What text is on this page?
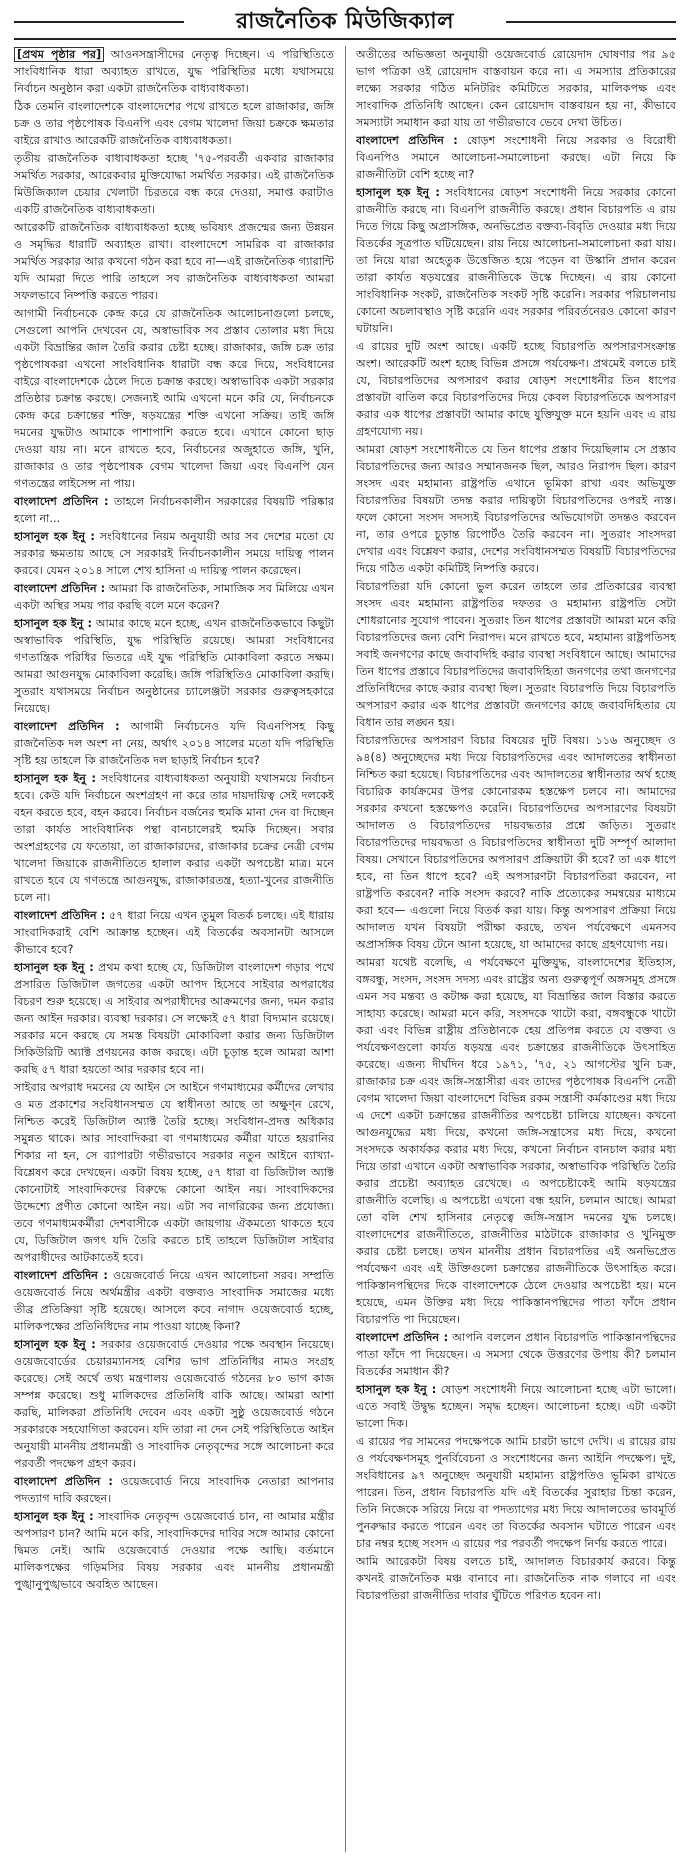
রাজনৈতিক মিউজিক্যাল

[প্রথম পৃষ্ঠার পর] আওনসন্ত্রাসীদের নেতৃত্ব দিচ্ছেন। এ পরিস্থিতিতে সাংবিধানিক ধারা অব্যাহত রাখতে, যুদ্ধ পরিস্থিতির মধ্যে যথাসময়ে নির্বাচন অনুষ্ঠান করা একটা রাজনৈতিক বাধ্যবাধকতা।

ঠিক তেমনি বাংলাদেশকে বাংলাদেশের পথে রাখতে হলে রাজাকার, জঙ্গি চক্র ও তার পৃষ্ঠপোষক বিএনপি এবং বেগম খালেদা জিয়া চক্রকে ক্ষমতার বাইরে রাখাও আরেকটি রাজনৈতিক বাধ্যবাধকতা।

তৃতীয় রাজনৈতিক বাধ্যবাধকতা হচ্ছে '৭৫-পরবর্তী একবার রাজাকার সমর্থিত সরকার, আরেকবার মুক্তিযোদ্ধা সমর্থিত সরকার। এই রাজনৈতিক মিউজিক্যাল চেয়ার খেলাটা চিরতরে বন্ধ করে দেওয়া, সমাপ্ত করাটাও একটি রাজনৈতিক বাধ্যবাধকতা।

আরেকটি রাজনৈতিক বাধ্যবাধকতা হচ্ছে ভবিষ্যৎ প্রজন্মের জন্য উন্নয়ন ও সমৃদ্ধির ধারাটি অব্যাহত রাখা। বাংলাদেশে সামরিক বা রাজাকার সমর্থিত সরকার আর কখনো গঠন করা হবে না—এই রাজনৈতিক গ্যারান্টি যদি আমরা দিতে পারি তাহলে সব রাজনৈতিক বাধ্যবাধকতা আমরা সফলভাবে নিষ্পত্তি করতে পারব।

আগামী নির্বাচনকে কেন্দ্র করে যে রাজনৈতিক আলোচনাগুলো চলছে, সেগুলো আপনি দেখবেন যে, অস্বাভাবিক সব প্রস্তাব তোলার মধ্য দিয়ে একটা বিভ্রান্তির জাল তৈরি করার চেষ্টা হচ্ছে। রাজাকার, জঙ্গি চক্র তার পৃষ্ঠপোষকরা এখনো সাংবিধানিক ধারাটা বন্ধ করে দিয়ে, সংবিধানের বাইরে বাংলাদেশকে ঠেলে দিতে চক্রান্ত করছে। অস্বাভাবিক একটা সরকার প্রতিষ্ঠার চক্রান্ত করছে। সেজন্যই আমি এখনো মনে করি যে, নির্বাচনকে কেন্দ্র করে চক্রান্তের শক্তি, ষড়যন্ত্রের শক্তি এখনো সক্রিয়। তাই জঙ্গি দমনের যুদ্ধটাও আমাকে পাশাপাশি করতে হবে। এখানে কোনো ছাড় দেওয়া যায় না। মনে রাখতে হবে, নির্বাচনের অজুহাতে জঙ্গি, খুনি, রাজাকার ও তার পৃষ্ঠপোষক বেগম খালেদা জিয়া এবং বিএনপি যেন গণতন্ত্রের লাইসেন্স না পায়।

বাংলাদেশ প্রতিদিন : তাহলে নির্বাচনকালীন সরকারের বিষয়টি পরিষ্কার হলো না...

হাসানুল হক ইনু : সংবিধানের নিয়ম অনুযায়ী আর সব দেশের মতো যে সরকার ক্ষমতায় আছে সে সরকারই নির্বাচনকালীন সময়ে দায়িত্ব পালন করবে। যেমন ২০১৪ সালে শেখ হাসিনা এ দায়িত্ব পালন করেছেন।

বাংলাদেশ প্রতিদিন : আমরা কি রাজনৈতিক, সামাজিক সব মিলিয়ে এখন একটা অস্থির সময় পার করছি বলে মনে করেন?

হাসানুল হক ইনু : আমার কাছে মনে হচ্ছে, এখন রাজনৈতিকভাবে কিছুটা অস্বাভাবিক পরিস্থিতি, যুদ্ধ পরিস্থিতি রয়েছে। আমরা সংবিধানের গণতান্ত্রিক পরিধির ভিতরে এই যুদ্ধ পরিস্থিতি মোকাবিলা করতে সক্ষম। আমরা আগুনযুদ্ধ মোকাবিলা করেছি। জঙ্গি পরিস্থিতিও মোকাবিলা করছি। সুতরাং যথাসময়ে নির্বাচন অনুষ্ঠানের চ্যালেঞ্জটা সরকার গুরুত্বসহকারে নিয়েছে।

বাংলাদেশ প্রতিদিন : আগামী নির্বাচনেও যদি বিএনপিসহ কিছু রাজনৈতিক দল অংশ না নেয়, অর্থাৎ ২০১৪ সালের মতো যদি পরিস্থিতি সৃষ্টি হয় তাহলে কি রাজনৈতিক দল ছাড়াই নির্বাচন হবে?

হাসানুল হক ইনু : সংবিধানের বাধ্যবাধকতা অনুযায়ী যথাসময়ে নির্বাচন হবে। কেউ যদি নির্বাচনে অংশগ্রহণ না করে তার দায়দায়িত্ব সেই দলকেই বহন করতে হবে, বহন করবে। নির্বাচন বর্জনের হুমকি মানা দেন বা দিচ্ছেন তারা কার্যত সাংবিধানিক পন্থা বানচালেরই হুমকি দিচ্ছেন। সবার অংশগ্রহণের যে ফতোয়া, তা রাজাকারদের, রাজাকার চক্রের নেত্রী বেগম খালেদা জিয়াকে রাজনীতিতে হালাল করার একটা অপচেষ্টা মাত্র। মনে রাখতে হবে যে গণতন্ত্রে আগুনযুদ্ধ, রাজাকারতন্ত্র, হত্যা-খুনের রাজনীতি চলে না।

বাংলাদেশ প্রতিদিন : ৫৭ ধারা নিয়ে এখন তুমুল বিতর্ক চলছে। এই ধারায় সাংবাদিকরাই বেশি আক্রান্ত হচ্ছেন। এই বিতর্কের অবসানটা আসলে কীভাবে হবে?

হাসানুল হক ইনু : প্রথম কথা হচ্ছে যে, ডিজিটাল বাংলাদেশ গড়ার পথে প্রসারিত ডিজিটাল জগতের একটা আপদ হিসেবে সাইবার অপরাধের বিচরণ শুরু হয়েছে। এ সাইবার অপরাধীদের আক্রমণের জন্য, দমন করার জন্য আইন দরকার। ব্যবস্থা দরকার। সে লক্ষ্যেই ৫৭ ধারা বিদ্যমান রয়েছে। সরকার মনে করছে যে সমস্ত বিষয়টা মোকাবিলা করার জন্য ডিজিটাল সিকিউরিটি অ্যাক্ট প্রণয়নের কাজ করছে। এটা চূড়ান্ত হলে আমরা আশা করছি ৫৭ ধারা হয়তো আর দরকার হবে না।

সাইবার অপরাধ দমনের যে আইন সে আইনে গণমাধ্যমের কর্মীদের লেখার ও মত প্রকাশের সংবিধানসম্মত যে স্বাধীনতা আছে তা অক্ষুণ্ন রেখে, নিশ্চিত করেই ডিজিটাল অ্যাক্ট তৈরি হচ্ছে। সংবিধান-প্রদত্ত অধিকার সমুন্নত থাকে। আর সাংবাদিকরা বা গণমাধ্যমের কর্মীরা যাতে হয়রানির শিকার না হন, সে ব্যাপারটা গভীরভাবে সরকার নতুন আইনে ব্যাখ্যা-বিশ্লেষণ করে দেখছেন। একটা বিষয় হচ্ছে, ৫৭ ধারা বা ডিজিটাল অ্যাক্ট কোনোটাই সাংবাদিকদের বিরুদ্ধে কোনো আইন নয়। সাংবাদিকদের উদ্দেশ্যে প্রণীত কোনো আইন নয়। এটা সব নাগরিকের জন্য প্রযোজ্য। তবে গণমাধ্যমকর্মীরা দেশবাসীকে একটা জায়গায় ঐকমত্যে থাকতে হবে যে, ডিজিটাল জগৎ যদি তৈরি করতে চাই তাহলে ডিজিটাল সাইবার অপরাধীদের আটকাতেই হবে।

বাংলাদেশ প্রতিদিন : ওয়েজবোর্ড নিয়ে এখন আলোচনা সরব। সম্প্রতি ওয়েজবোর্ড নিয়ে অর্থমন্ত্রীর একটা বক্তব্যও সাংবাদিক সমাজের মধ্যে তীব্র প্রতিক্রিয়া সৃষ্টি হয়েছে। আসলে কবে নাগাদ ওয়েজবোর্ড হচ্ছে, মালিকপক্ষের প্রতিনিধিদের নাম পাওয়া যাচ্ছে কিনা?

হাসানুল হক ইনু : সরকার ওয়েজবোর্ড দেওয়ার পক্ষে অবস্থান নিয়েছে। ওয়েজবোর্ডের চেয়ারম্যানসহ বেশির ভাগ প্রতিনিধির নামও সংগ্রহ করেছে। সেই অর্থে তথ্য মন্ত্রণালয় ওয়েজবোর্ড গঠনের ৮০ ভাগ কাজ সম্পন্ন করেছে। শুধু মালিকদের প্রতিনিধি বাকি আছে। আমরা আশা করছি, মালিকরা প্রতিনিধি দেবেন এবং একটা সুষ্ঠু ওয়েজবোর্ড গঠনে সরকারকে সহযোগিতা করবেন। যদি তারা না দেন সেই পরিস্থিতিতে আইন অনুযায়ী মাননীয় প্রধানমন্ত্রী ও সাংবাদিক নেতৃবৃন্দের সঙ্গে আলোচনা করে পরবর্তী পদক্ষেপ গ্রহণ করব।

বাংলাদেশ প্রতিদিন : ওয়েজবোর্ড নিয়ে সাংবাদিক নেতারা আপনার পদত্যাগ দাবি করছেন।

হাসানুল হক ইনু : সাংবাদিক নেতৃবৃন্দ ওয়েজবোর্ড চান, না আমার মন্ত্রীর অপসারণ চান? আমি মনে করি, সাংবাদিকদের দাবির সঙ্গে আমার কোনো দ্বিমত নেই। আমি ওয়েজবোর্ড দেওয়ার পক্ষে আছি। বর্তমানে মালিকপক্ষের গড়িমসির বিষয় সরকার এবং মাননীয় প্রধানমন্ত্রী পুঙ্খানুপুঙ্খভাবে অবহিত আছেন।

অতীতের অভিজ্ঞতা অনুযায়ী ওয়েজবোর্ড রোয়েদাদ ঘোষণার পর ৯৫ ভাগ পত্রিকা ওই রোয়েদাদ বাস্তবায়ন করে না। এ সমস্যার প্রতিকারের লক্ষ্যে সরকার গঠিত মনিটরিং কমিটিতে সরকার, মালিকপক্ষ এবং সাংবাদিক প্রতিনিধি আছেন। কেন রোয়েদাদ বাস্তবায়ন হয় না, কীভাবে সমস্যাটা সমাধান করা যায় তা গভীরভাবে ভেবে দেখা উচিত।

বাংলাদেশ প্রতিদিন : ষোড়শ সংশোধনী নিয়ে সরকার ও বিরোধী বিএনপিও সমানে আলোচনা-সমালোচনা করছে। এটা নিয়ে কি রাজনীতিটা বেশি হচ্ছে না?

হাসানুল হক ইনু : সংবিধানের ষোড়শ সংশোধনী নিয়ে সরকার কোনো রাজনীতি করছে না। বিএনপি রাজনীতি করছে। প্রধান বিচারপতি এ রায় দিতে গিয়ে কিছু অপ্রাসঙ্গিক, অনভিপ্রেত বক্তব্য-বিবৃতি দেওয়ার মধ্য দিয়ে বিতর্কের সূত্রপাত ঘটিয়েছেন। রায় নিয়ে আলোচনা-সমালোচনা করা যায়। তা নিয়ে যারা অহেতুক উত্তেজিত হয়ে পড়েন বা উস্কানি প্রদান করেন তারা কার্যত ষড়যন্ত্রের রাজনীতিকে উস্কে দিচ্ছেন। এ রায় কোনো সাংবিধানিক সংকট, রাজনৈতিক সংকট সৃষ্টি করেনি। সরকার পরিচালনায় কোনো অচলাবস্থাও সৃষ্টি করেনি এবং সরকার পরিবর্তনেরও কোনো কারণ ঘটায়নি।

এ রায়ের দুটি অংশ আছে। একটি হচ্ছে বিচারপতি অপসারণসংক্রান্ত অংশ। আরেকটি অংশ হচ্ছে বিভিন্ন প্রসঙ্গে পর্যবেক্ষণ। প্রথমেই বলতে চাই যে, বিচারপতিদের অপসারণ করার ষোড়শ সংশোধনীর তিন ধাপের প্রস্তাবটা বাতিল করে বিচারপতিদের দিয়ে কেবল বিচারপতিকে অপসারণ করার এক ধাপের প্রস্তাবটা আমার কাছে যুক্তিযুক্ত মনে হয়নি এবং এ রায় গ্রহণযোগ্য নয়।

আমরা ষোড়শ সংশোধনীতে যে তিন ধাপের প্রস্তাব দিয়েছিলাম সে প্রস্তাব বিচারপতিদের জন্য আরও সম্মানজনক ছিল, আরও নিরাপদ ছিল। কারণ সংসদ এবং মহামান্য রাষ্ট্রপতি এখানে ভূমিকা রাখা এবং অভিযুক্ত বিচারপতির বিষয়টা তদন্ত করার দায়িত্বটা বিচারপতিদের ওপরই ন্যস্ত। ফলে কোনো সংসদ সদস্যই বিচারপতিদের অভিযোগটা তদন্তও করবেন না, তার ওপরে চূড়ান্ত রিপোর্টও তৈরি করবেন না। সুতরাং সাংসদরা দেখার এবং বিশ্লেষণ করার, দেশের সংবিধানসম্মত বিষয়টি বিচারপতিদের দিয়ে গঠিত একটা কমিটিই নিষ্পত্তি করবে।

বিচারপতিরা যদি কোনো ভুল করেন তাহলে তার প্রতিকারের ব্যবস্থা সংসদ এবং মহামান্য রাষ্ট্রপতির দফতর ও মহামান্য রাষ্ট্রপতি সেটা শোধরানোর সুযোগ পাবেন। সুতরাং তিন ধাপের প্রস্তাবটা আমরা মনে করি বিচারপতিদের জন্য বেশি নিরাপদ। মনে রাখতে হবে, মহামান্য রাষ্ট্রপতিসহ সবাই জনগণের কাছে জবাবদিহি করার ব্যবস্থা সংবিধানে আছে। আমাদের তিন ধাপের প্রস্তাবে বিচারপতিদের জবাবদিহিতা জনগণের তথা জনগণের প্রতিনিধিদের কাছে করার ব্যবস্থা ছিল। সুতরাং বিচারপতি দিয়ে বিচারপতি অপসারণ করার এক ধাপের প্রস্তাবটা জনগণের কাছে জবাবদিহিতার যে বিধান তার লঙ্ঘন হয়।

বিচারপতিদের অপসারণ বিচার বিষয়ের দুটি বিষয়। ১১৬ অনুচ্ছেদ ও ৯৪(৪) অনুচ্ছেদের মধ্য দিয়ে বিচারপতিদের এবং আদালতের স্বাধীনতা নিশ্চিত করা হয়েছে। বিচারপতিদের এবং আদালতের স্বাধীনতার অর্থ হচ্ছে বিচারিক কার্যক্রমের উপর কোনোরকম হস্তক্ষেপ চলবে না। আমাদের সরকার কখনো হস্তক্ষেপও করেনি। বিচারপতিদের অপসারণের বিষয়টা আদালত ও বিচারপতিদের দায়বদ্ধতার প্রশ্নে জড়িত। সুতরাং বিচারপতিদের দায়বদ্ধতা ও বিচারপতিদের স্বাধীনতা দুটি সম্পূর্ণ আলাদা বিষয়। সেখানে বিচারপতিদের অপসারণ প্রক্রিয়াটা কী হবে? তা এক ধাপে হবে, না তিন ধাপে হবে? এই অপসারণটা বিচারপতিরা করবেন, না রাষ্ট্রপতি করবেন? নাকি সংসদ করবে? নাকি প্রত্যেকের সমন্বয়ের মাধ্যমে করা হবে— এগুলো নিয়ে বিতর্ক করা যায়। কিন্তু অপসারণ প্রক্রিয়া নিয়ে আদালত যখন বিষয়টা পরীক্ষা করছে, তখন পর্যবেক্ষণে এমনসব অপ্রাসঙ্গিক বিষয় টেনে আনা হয়েছে, যা আমাদের কাছে গ্রহণযোগ্য নয়।

আমরা যথেষ্ট বলেছি, এ পর্যবেক্ষণে মুক্তিযুদ্ধ, বাংলাদেশের ইতিহাস, বঙ্গবন্ধু, সংসদ, সংসদ সদস্য এবং রাষ্ট্রের অন্য গুরুত্বপূর্ণ অঙ্গসমূহ প্রসঙ্গে এমন সব মন্তব্য ও কটাক্ষ করা হয়েছে, যা বিভ্রান্তির জাল বিস্তার করতে সাহায্য করেছে। আমরা মনে করি, সংসদকে খাটো করা, বঙ্গবন্ধুকে খাটো করা এবং বিভিন্ন রাষ্ট্রীয় প্রতিষ্ঠানকে হেয় প্রতিপন্ন করতে যে বক্তব্য ও পর্যবেক্ষণগুলো কার্যত ষড়যন্ত্র এবং চক্রান্তের রাজনীতিকে উৎসাহিত করেছে। এজন্য দীর্ঘদিন ধরে ১৯৭১, '৭৫, ২১ আগস্টের খুনি চক্র, রাজাকার চক্র এবং জঙ্গি-সন্ত্রাসীরা এবং তাদের পৃষ্ঠপোষক বিএনপি নেত্রী বেগম খালেদা জিয়া বাংলাদেশে বিভিন্ন রকম সন্ত্রাসী কর্মকাণ্ডের মধ্য দিয়ে এ দেশে একটা চক্রান্তের রাজনীতির অপচেষ্টা চালিয়ে যাচ্ছেন। কখনো আগুনযুদ্ধের মধ্য দিয়ে, কখনো জঙ্গি-সন্ত্রাসের মধ্য দিয়ে, কখনো সংসদকে অকার্যকর করার মধ্য দিয়ে, কখনো নির্বাচন বানচাল করার মধ্য দিয়ে তারা এখানে একটা অস্বাভাবিক সরকার, অস্বাভাবিক পরিস্থিতি তৈরি করার প্রচেষ্টা অব্যাহত রেখেছে। এ অপচেষ্টাকেই আমি ষড়যন্ত্রের রাজনীতি বলেছি। এ অপচেষ্টা এখনো বন্ধ হয়নি, চলমান আছে। আমরা তো বলি শেখ হাসিনার নেতৃত্বে জঙ্গি-সন্ত্রাস দমনের যুদ্ধ চলছে। বাংলাদেশের রাজনীতিতে, রাজনীতির মাঠটাকে রাজাকার ও খুনিমুক্ত করার চেষ্টা চলছে। তখন মাননীয় প্রধান বিচারপতির এই অনভিপ্রেত পর্যবেক্ষণ এবং এই উক্তিগুলো চক্রান্তের রাজনীতিকে উৎসাহিত করে। পাকিস্তানপন্থিদের দিকে বাংলাদেশকে ঠেলে দেওয়ার অপচেষ্টা হয়। মনে হয়েছে, এমন উক্তির মধ্য দিয়ে পাকিস্তানপন্থিদের পাতা ফাঁদে প্রধান বিচারপতি পা দিয়েছেন।

বাংলাদেশ প্রতিদিন : আপনি বললেন প্রধান বিচারপতি পাকিস্তানপন্থিদের পাতা ফাঁদে পা দিয়েছেন। এ সমস্যা থেকে উত্তরণের উপায় কী? চলমান বিতর্কের সমাধান কী?

হাসানুল হক ইনু : ষোড়শ সংশোধনী নিয়ে আলোচনা হচ্ছে এটা ভালো। এতে সবাই উদ্বুদ্ধ হচ্ছেন। সমৃদ্ধ হচ্ছেন। আলোচনা হচ্ছে। এটা একটা ভালো দিক।

এ রায়ের পর সামনের পদক্ষেপকে আমি চারটা ভাগে দেখি। এ রায়ের রায় ও পর্যবেক্ষণসমূহ পুনর্বিবেচনা ও সংশোধনের জন্য আইনি পদক্ষেপ। দুই, সংবিধানের ৯৭ অনুচ্ছেদ অনুযায়ী মহামান্য রাষ্ট্রপতিও ভূমিকা রাখতে পারেন। তিন, প্রধান বিচারপতি যদি এই বিতর্কের সুরাহার চিন্তা করেন, তিনি নিজেকে সরিয়ে নিয়ে বা পদত্যাগের মধ্য দিয়ে আদালতের ভাবমূর্তি পুনরুদ্ধার করতে পারেন এবং তা বিতর্কের অবসান ঘটাতে পারেন এবং চার নম্বর হচ্ছে সংসদ এ রায়ের পর পরবর্তী পদক্ষেপ নির্ণয় করতে পারে।

আমি আরেকটা বিষয় বলতে চাই, আদালত বিচারকার্য করবে। কিন্তু কখনই রাজনৈতিক মঞ্চ বানাবে না। রাজনৈতিক নাক গলাবে না এবং বিচারপতিরা রাজনীতির দাবার ঘুঁটিতে পরিণত হবেন না।
